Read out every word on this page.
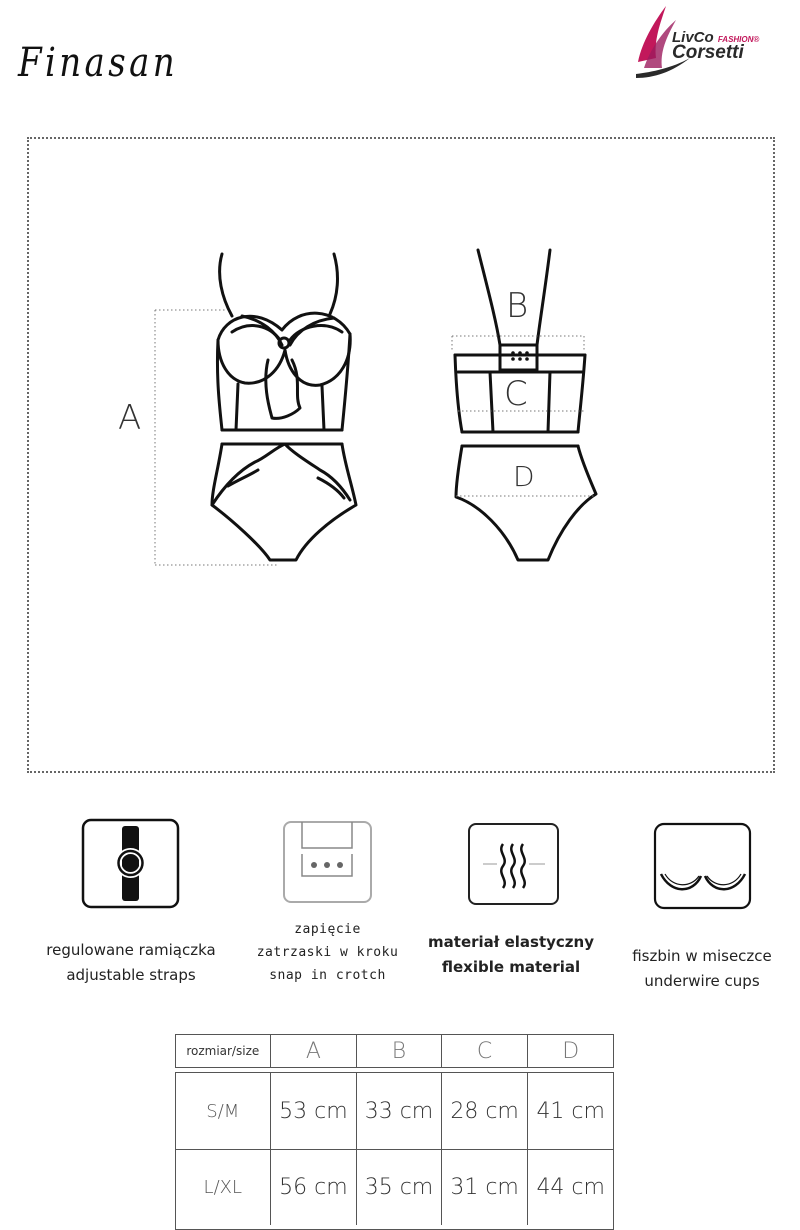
Finasan
LivCo FASHION®
Corsetti
A
B
C
D
regulowane ramiączka
adjustable straps
zapięcie
zatrzaski w kroku
snap in crotch
materiał elastyczny
flexible material
fiszbin w miseczce
underwire cups
rozmiar/size	A	B	C	D
S/M	53 cm 33 cm 28 cm 41 cm
L/XL	56 cm 35 cm 31 cm 44 cm
